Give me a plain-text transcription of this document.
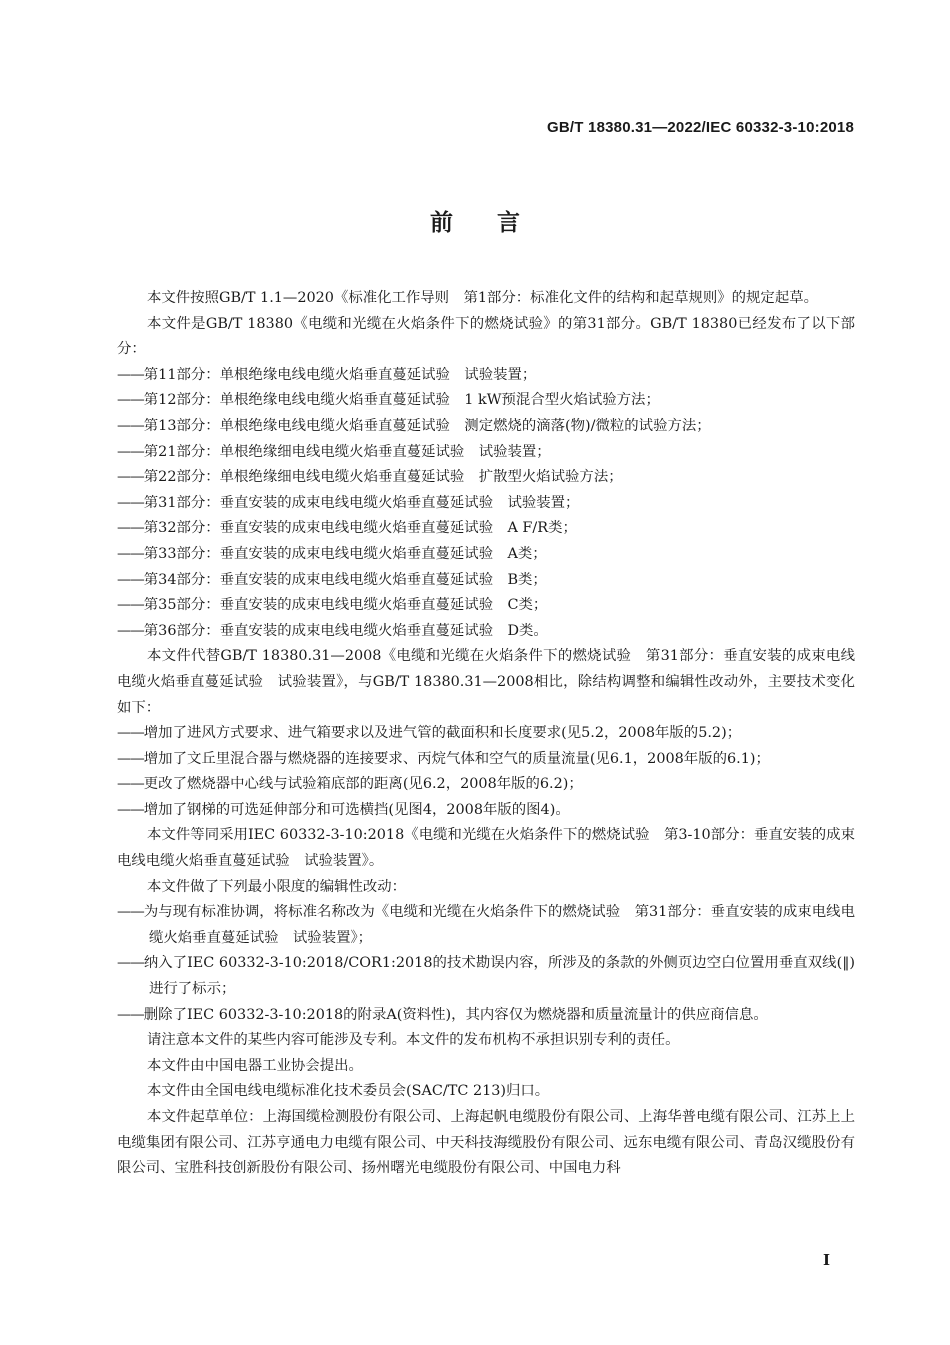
GB/T 18380.31—2022/IEC 60332-3-10:2018
前言

本文件按照GB/T 1.1—2020《标准化工作导则　第1部分：标准化文件的结构和起草规则》的规定起草。

本文件是GB/T 18380《电缆和光缆在火焰条件下的燃烧试验》的第31部分。GB/T 18380已经发布了以下部分：

——第11部分：单根绝缘电线电缆火焰垂直蔓延试验　试验装置；

——第12部分：单根绝缘电线电缆火焰垂直蔓延试验　1 kW预混合型火焰试验方法；

——第13部分：单根绝缘电线电缆火焰垂直蔓延试验　测定燃烧的滴落(物)/微粒的试验方法；

——第21部分：单根绝缘细电线电缆火焰垂直蔓延试验　试验装置；

——第22部分：单根绝缘细电线电缆火焰垂直蔓延试验　扩散型火焰试验方法；

——第31部分：垂直安装的成束电线电缆火焰垂直蔓延试验　试验装置；

——第32部分：垂直安装的成束电线电缆火焰垂直蔓延试验　A F/R类；

——第33部分：垂直安装的成束电线电缆火焰垂直蔓延试验　A类；

——第34部分：垂直安装的成束电线电缆火焰垂直蔓延试验　B类；

——第35部分：垂直安装的成束电线电缆火焰垂直蔓延试验　C类；

——第36部分：垂直安装的成束电线电缆火焰垂直蔓延试验　D类。

本文件代替GB/T 18380.31—2008《电缆和光缆在火焰条件下的燃烧试验　第31部分：垂直安装的成束电线电缆火焰垂直蔓延试验　试验装置》，与GB/T 18380.31—2008相比，除结构调整和编辑性改动外，主要技术变化如下：

——增加了进风方式要求、进气箱要求以及进气管的截面积和长度要求(见5.2，2008年版的5.2)；

——增加了文丘里混合器与燃烧器的连接要求、丙烷气体和空气的质量流量(见6.1，2008年版的6.1)；

——更改了燃烧器中心线与试验箱底部的距离(见6.2，2008年版的6.2)；

——增加了钢梯的可选延伸部分和可选横挡(见图4，2008年版的图4)。

本文件等同采用IEC 60332-3-10:2018《电缆和光缆在火焰条件下的燃烧试验　第3-10部分：垂直安装的成束电线电缆火焰垂直蔓延试验　试验装置》。

本文件做了下列最小限度的编辑性改动：

——为与现有标准协调，将标准名称改为《电缆和光缆在火焰条件下的燃烧试验　第31部分：垂直安装的成束电线电缆火焰垂直蔓延试验　试验装置》；

——纳入了IEC 60332-3-10:2018/COR1:2018的技术勘误内容，所涉及的条款的外侧页边空白位置用垂直双线(‖)进行了标示；

——删除了IEC 60332-3-10:2018的附录A(资料性)，其内容仅为燃烧器和质量流量计的供应商信息。

请注意本文件的某些内容可能涉及专利。本文件的发布机构不承担识别专利的责任。

本文件由中国电器工业协会提出。

本文件由全国电线电缆标准化技术委员会(SAC/TC 213)归口。

本文件起草单位：上海国缆检测股份有限公司、上海起帆电缆股份有限公司、上海华普电缆有限公司、江苏上上电缆集团有限公司、江苏亨通电力电缆有限公司、中天科技海缆股份有限公司、远东电缆有限公司、青岛汉缆股份有限公司、宝胜科技创新股份有限公司、扬州曙光电缆股份有限公司、中国电力科

I
